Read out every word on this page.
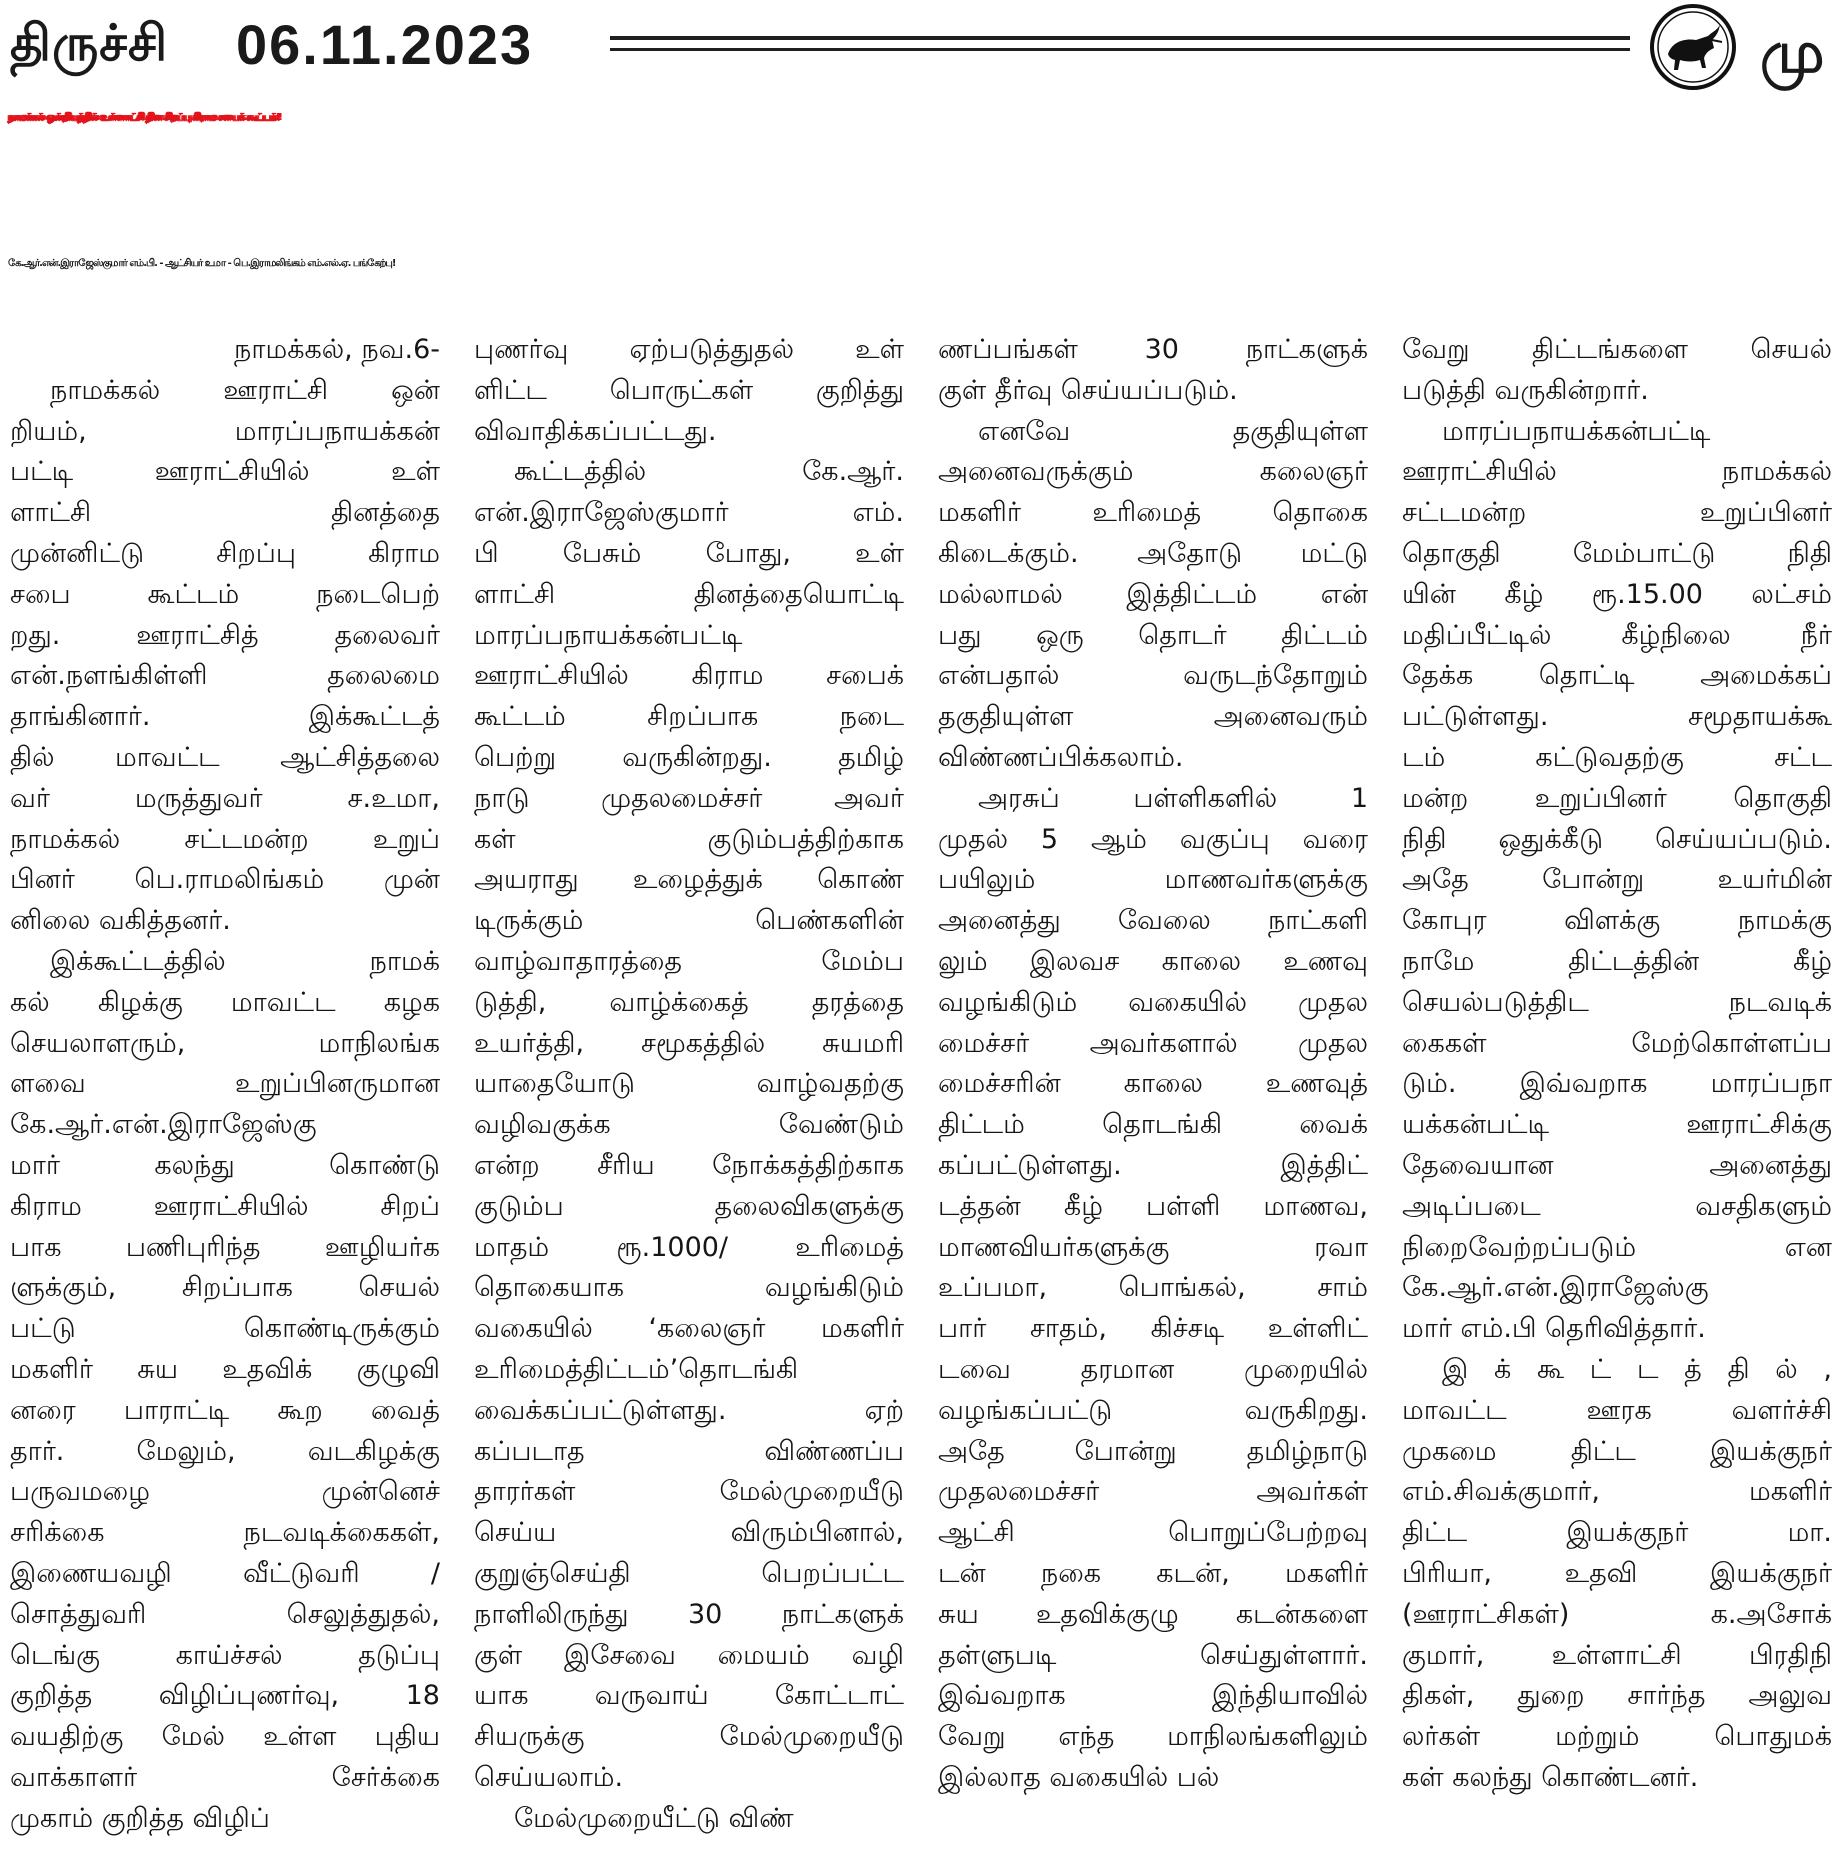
திருச்சி 06.11.2023	மு
நாமக்கல் ஒன்றியத்தில் உள்ளாட்சி தின சிறப்பு கிராம சபைக் கூட்டம்!
கே.ஆர்.என்.இராஜேஸ்குமார் எம்.பி. - ஆட்சியர் உமா - பெ.இராமலிங்கம் எம்.எல்.ஏ. பங்கேற்பு!
நாமக்கல், நவ.6-
நாமக்கல் ஊராட்சி ஒன்
றியம், மாரப்பநாயக்கன்
பட்டி ஊராட்சியில் உள்
ளாட்சி தினத்தை
முன்னிட்டு சிறப்பு கிராம
சபை கூட்டம் நடைபெற்
றது. ஊராட்சித் தலைவர்
என்.நளங்கிள்ளி தலைமை
தாங்கினார். இக்கூட்டத்
தில் மாவட்ட ஆட்சித்தலை
வர் மருத்துவர் ச.உமா,
நாமக்கல் சட்டமன்ற உறுப்
பினர் பெ.ராமலிங்கம் முன்
னிலை வகித்தனர்.
இக்கூட்டத்தில் நாமக்
கல் கிழக்கு மாவட்ட கழக
செயலாளரும், மாநிலங்க
ளவை உறுப்பினருமான
கே.ஆர்.என்.இராஜேஸ்கு
மார் கலந்து கொண்டு
கிராம ஊராட்சியில் சிறப்
பாக பணிபுரிந்த ஊழியர்க
ளுக்கும், சிறப்பாக செயல்
பட்டு கொண்டிருக்கும்
மகளிர் சுய உதவிக் குழுவி
னரை பாராட்டி கூற வைத்
தார். மேலும், வடகிழக்கு
பருவமழை முன்னெச்
சரிக்கை நடவடிக்கைகள்,
இணையவழி வீட்டுவரி /
சொத்துவரி செலுத்துதல்,
டெங்கு காய்ச்சல் தடுப்பு
குறித்த விழிப்புணர்வு, 18
வயதிற்கு மேல் உள்ள புதிய
வாக்காளர் சேர்க்கை
முகாம் குறித்த விழிப்
புணர்வு ஏற்படுத்துதல் உள்
ளிட்ட பொருட்கள் குறித்து
விவாதிக்கப்பட்டது.
கூட்டத்தில் கே.ஆர்.
என்.இராஜேஸ்குமார் எம்.
பி பேசும் போது, உள்
ளாட்சி தினத்தையொட்டி
மாரப்பநாயக்கன்பட்டி
ஊராட்சியில் கிராம சபைக்
கூட்டம் சிறப்பாக நடை
பெற்று வருகின்றது. தமிழ்
நாடு முதலமைச்சர் அவர்
கள் குடும்பத்திற்காக
அயராது உழைத்துக் கொண்
டிருக்கும் பெண்களின்
வாழ்வாதாரத்தை மேம்ப
டுத்தி, வாழ்க்கைத் தரத்தை
உயர்த்தி, சமூகத்தில் சுயமரி
யாதையோடு வாழ்வதற்கு
வழிவகுக்க வேண்டும்
என்ற சீரிய நோக்கத்திற்காக
குடும்ப தலைவிகளுக்கு
மாதம் ரூ.1000/ உரிமைத்
தொகையாக வழங்கிடும்
வகையில் ‘கலைஞர் மகளிர்
உரிமைத்திட்டம்’தொடங்கி
வைக்கப்பட்டுள்ளது. ஏற்
கப்படாத விண்ணப்ப
தாரர்கள் மேல்முறையீடு
செய்ய விரும்பினால்,
குறுஞ்செய்தி பெறப்பட்ட
நாளிலிருந்து 30 நாட்களுக்
குள் இசேவை மையம் வழி
யாக வருவாய் கோட்டாட்
சியருக்கு மேல்முறையீடு
செய்யலாம்.
மேல்முறையீட்டு விண்
ணப்பங்கள் 30 நாட்களுக்
குள் தீர்வு செய்யப்படும்.
எனவே தகுதியுள்ள
அனைவருக்கும் கலைஞர்
மகளிர் உரிமைத் தொகை
கிடைக்கும். அதோடு மட்டு
மல்லாமல் இத்திட்டம் என்
பது ஒரு தொடர் திட்டம்
என்பதால் வருடந்தோறும்
தகுதியுள்ள அனைவரும்
விண்ணப்பிக்கலாம்.
அரசுப் பள்ளிகளில் 1
முதல் 5 ஆம் வகுப்பு வரை
பயிலும் மாணவர்களுக்கு
அனைத்து வேலை நாட்களி
லும் இலவச காலை உணவு
வழங்கிடும் வகையில் முதல
மைச்சர் அவர்களால் முதல
மைச்சரின் காலை உணவுத்
திட்டம் தொடங்கி வைக்
கப்பட்டுள்ளது. இத்திட்
டத்தன் கீழ் பள்ளி மாணவ,
மாணவியர்களுக்கு ரவா
உப்பமா, பொங்கல், சாம்
பார் சாதம், கிச்சடி உள்ளிட்
டவை தரமான முறையில்
வழங்கப்பட்டு வருகிறது.
அதே போன்று தமிழ்நாடு
முதலமைச்சர் அவர்கள்
ஆட்சி பொறுப்பேற்றவு
டன் நகை கடன், மகளிர்
சுய உதவிக்குழு கடன்களை
தள்ளுபடி செய்துள்ளார்.
இவ்வறாக இந்தியாவில்
வேறு எந்த மாநிலங்களிலும்
இல்லாத வகையில் பல்
வேறு திட்டங்களை செயல்
படுத்தி வருகின்றார்.
மாரப்பநாயக்கன்பட்டி
ஊராட்சியில் நாமக்கல்
சட்டமன்ற உறுப்பினர்
தொகுதி மேம்பாட்டு நிதி
யின் கீழ் ரூ.15.00 லட்சம்
மதிப்பீட்டில் கீழ்நிலை நீர்
தேக்க தொட்டி அமைக்கப்
பட்டுள்ளது. சமூதாயக்கூ
டம் கட்டுவதற்கு சட்ட
மன்ற உறுப்பினர் தொகுதி
நிதி ஒதுக்கீடு செய்யப்படும்.
அதே போன்று உயர்மின்
கோபுர விளக்கு நாமக்கு
நாமே திட்டத்தின் கீழ்
செயல்படுத்திட நடவடிக்
கைகள் மேற்கொள்ளப்ப
டும். இவ்வறாக மாரப்பநா
யக்கன்பட்டி ஊராட்சிக்கு
தேவையான அனைத்து
அடிப்படை வசதிகளும்
நிறைவேற்றப்படும் என
கே.ஆர்.என்.இராஜேஸ்கு
மார் எம்.பி தெரிவித்தார்.
இ க் கூ ட் ட த் தி ல் ,
மாவட்ட ஊரக வளர்ச்சி
முகமை திட்ட இயக்குநர்
எம்.சிவக்குமார், மகளிர்
திட்ட இயக்குநர் மா.
பிரியா, உதவி இயக்குநர்
(ஊராட்சிகள்) க.அசோக்
குமார், உள்ளாட்சி பிரதிநி
திகள், துறை சார்ந்த அலுவ
லர்கள் மற்றும் பொதுமக்
கள் கலந்து கொண்டனர்.
